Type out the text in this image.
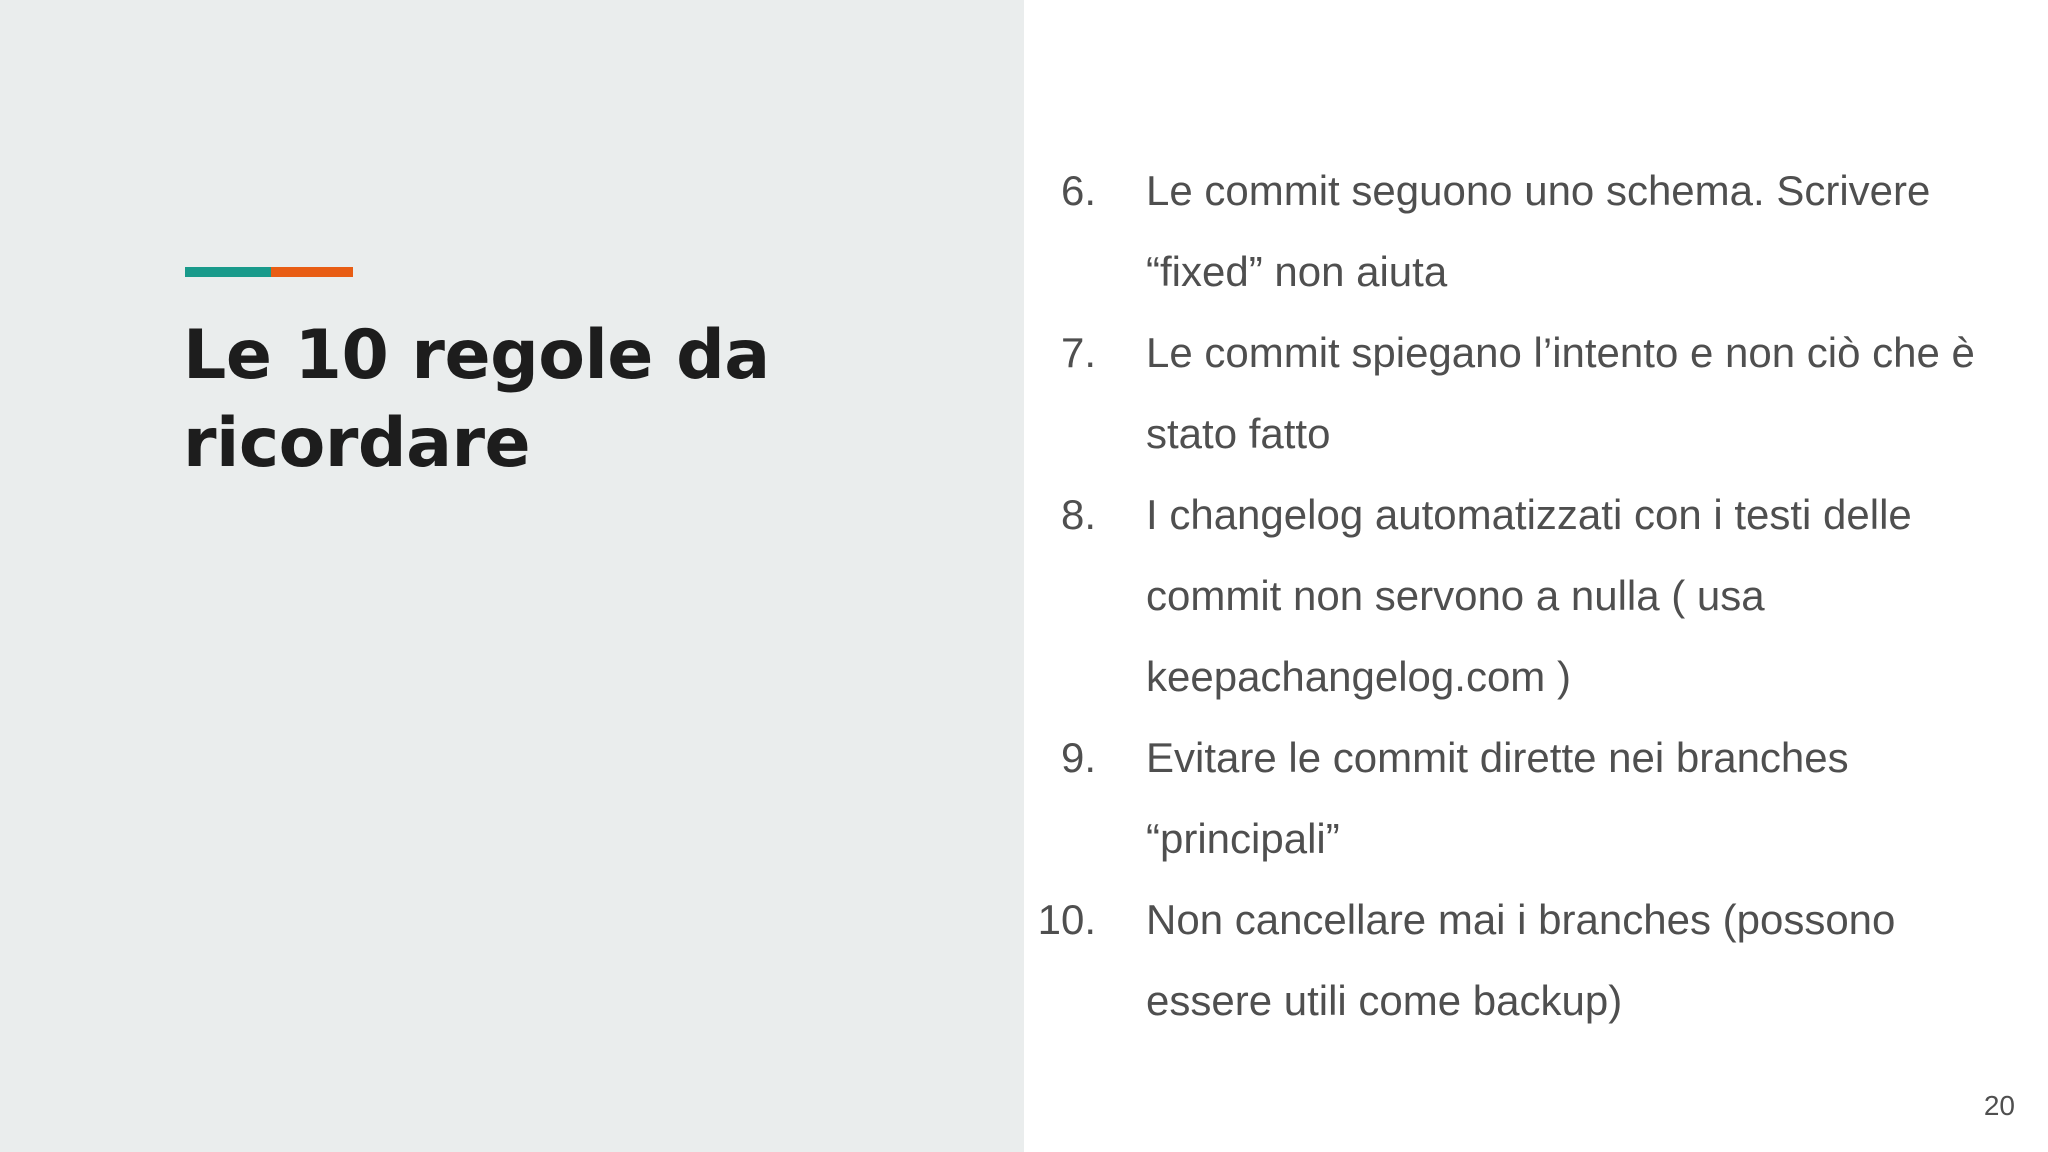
Le 10 regole da ricordare
6. Le commit seguono uno schema. Scrivere “fixed” non aiuta
7. Le commit spiegano l’intento e non ciò che è stato fatto
8. I changelog automatizzati con i testi delle commit non servono a nulla ( usa keepachangelog.com )
9. Evitare le commit dirette nei branches “principali”
10. Non cancellare mai i branches (possono essere utili come backup)
20
